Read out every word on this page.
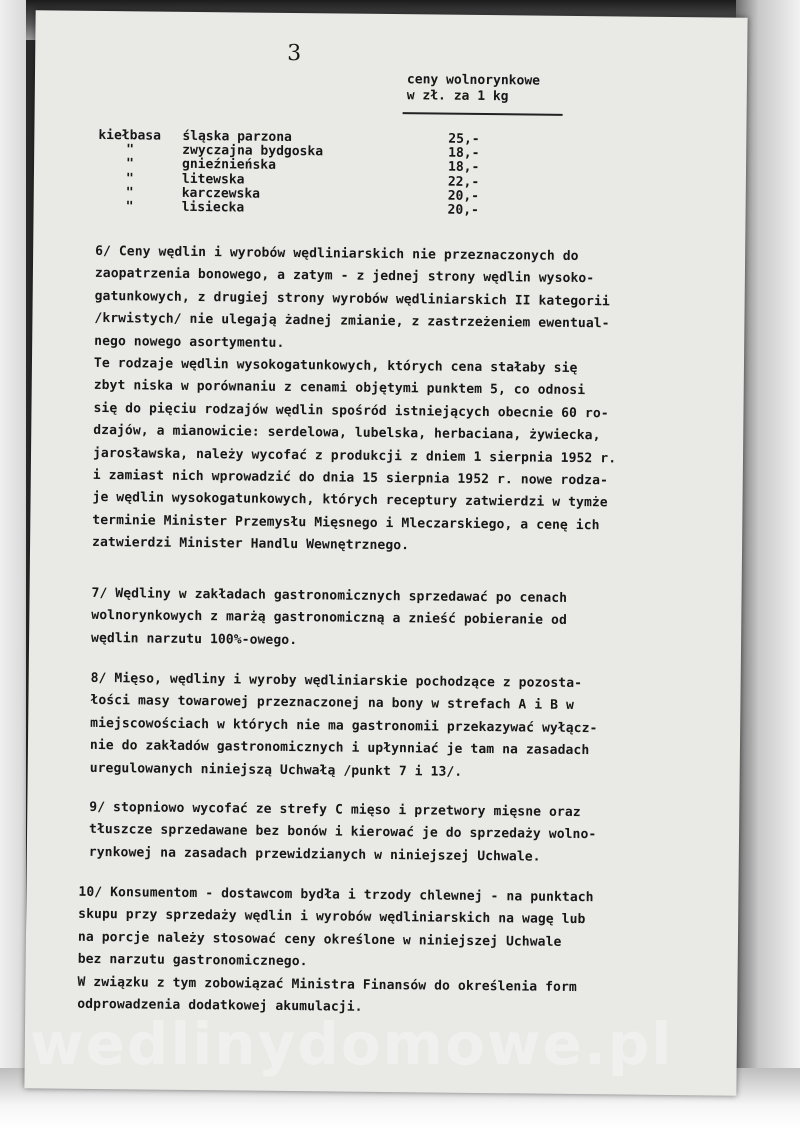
3
ceny wolnorynkowe
w zł. za 1 kg
kiełbasa	śląska parzona	25,-
"	zwyczajna bydgoska	18,-
"	gnieźnieńska	18,-
"	litewska	22,-
"	karczewska	20,-
"	lisiecka	20,-
6/ Ceny wędlin i wyrobów wędliniarskich nie przeznaczonych do
zaopatrzenia bonowego, a zatym - z jednej strony wędlin wysoko-
gatunkowych, z drugiej strony wyrobów wędliniarskich II kategorii
/krwistych/ nie ulegają żadnej zmianie, z zastrzeżeniem ewentual-
nego nowego asortymentu.
Te rodzaje wędlin wysokogatunkowych, których cena stałaby się
zbyt niska w porównaniu z cenami objętymi punktem 5, co odnosi
się do pięciu rodzajów wędlin spośród istniejących obecnie 60 ro-
dzajów, a mianowicie: serdelowa, lubelska, herbaciana, żywiecka,
jarosławska, należy wycofać z produkcji z dniem 1 sierpnia 1952 r.
i zamiast nich wprowadzić do dnia 15 sierpnia 1952 r. nowe rodza-
je wędlin wysokogatunkowych, których receptury zatwierdzi w tymże
terminie Minister Przemysłu Mięsnego i Mleczarskiego, a cenę ich
zatwierdzi Minister Handlu Wewnętrznego.
7/ Wędliny w zakładach gastronomicznych sprzedawać po cenach
wolnorynkowych z marżą gastronomiczną a znieść pobieranie od
wędlin narzutu 100%-owego.
8/ Mięso, wędliny i wyroby wędliniarskie pochodzące z pozosta-
łości masy towarowej przeznaczonej na bony w strefach A i B w
miejscowościach w których nie ma gastronomii przekazywać wyłącz-
nie do zakładów gastronomicznych i upłynniać je tam na zasadach
uregulowanych niniejszą Uchwałą /punkt 7 i 13/.
9/ stopniowo wycofać ze strefy C mięso i przetwory mięsne oraz
tłuszcze sprzedawane bez bonów i kierować je do sprzedaży wolno-
rynkowej na zasadach przewidzianych w niniejszej Uchwale.
10/ Konsumentom - dostawcom bydła i trzody chlewnej - na punktach
skupu przy sprzedaży wędlin i wyrobów wędliniarskich na wagę lub
na porcje należy stosować ceny określone w niniejszej Uchwale
bez narzutu gastronomicznego.
W związku z tym zobowiązać Ministra Finansów do określenia form
odprowadzenia dodatkowej akumulacji.
wedlinydomowe.pl
